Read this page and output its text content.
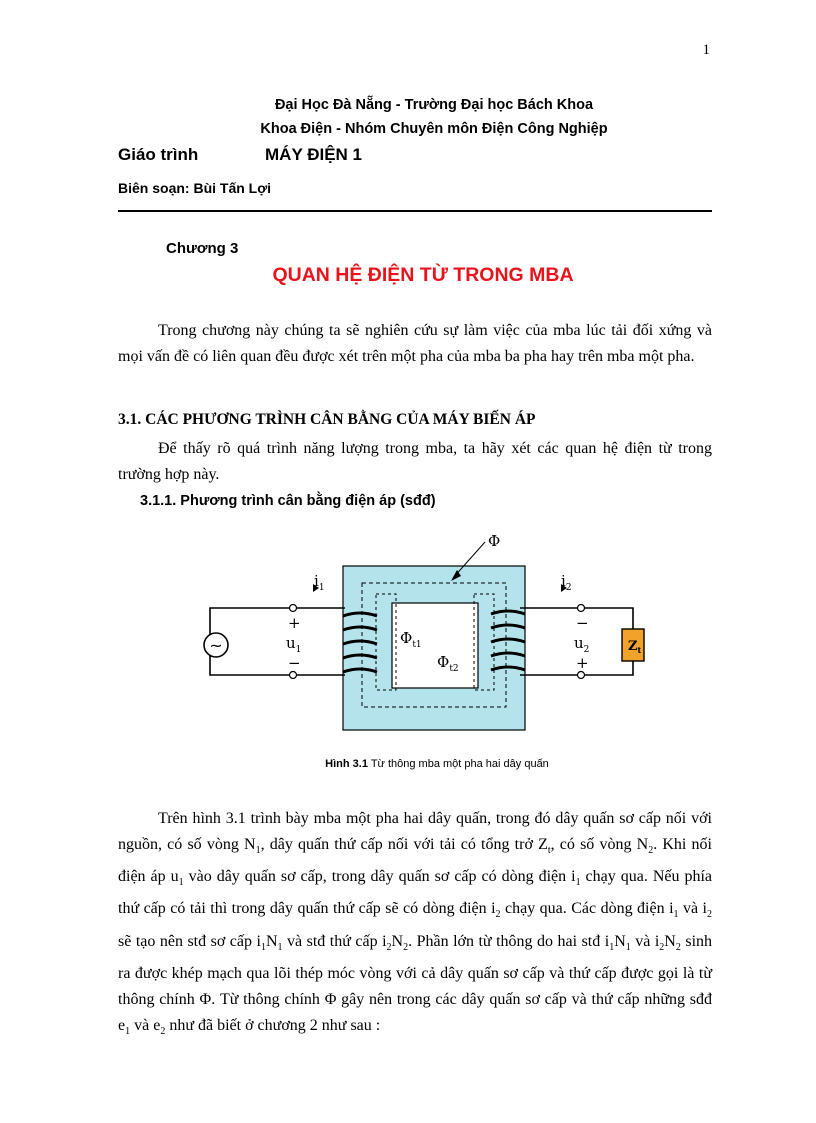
1
Đại Học Đà Nẵng - Trường Đại học Bách Khoa
Khoa Điện - Nhóm Chuyên môn Điện Công Nghiệp
Giáo trình	MÁY ĐIỆN 1
Biên soạn: Bùi Tấn Lợi
Chương 3
QUAN HỆ ĐIỆN TỪ TRONG MBA
Trong chương này chúng ta sẽ nghiên cứu sự làm việc của mba lúc tải đối xứng và mọi vấn đề có liên quan đều được xét trên một pha của mba ba pha hay trên mba một pha.
3.1. CÁC PHƯƠNG TRÌNH CÂN BẰNG CỦA MÁY BIẾN ÁP
Để thấy rõ quá trình năng lượng trong mba, ta hãy xét các quan hệ điện từ trong trường hợp này.
3.1.1. Phương trình cân bằng điện áp (sđđ)
~
Φ
$i_1$	$i_2$
+
$u_1$
−
−
$u_2$
+
$\Phi_{t1}$
$\Phi_{t2}$
$Z_t$
Hình 3.1 Từ thông mba một pha hai dây quấn
Trên hình 3.1 trình bày mba một pha hai dây quấn, trong đó dây quấn sơ cấp nối với nguồn, có số vòng $N_1$, dây quấn thứ cấp nối với tải có tổng trở $Z_t$, có số vòng $N_2$. Khi nối điện áp $u_1$ vào dây quấn sơ cấp, trong dây quấn sơ cấp có dòng điện $i_1$ chạy qua. Nếu phía thứ cấp có tải thì trong dây quấn thứ cấp sẽ có dòng điện $i_2$ chạy qua. Các dòng điện $i_1$ và $i_2$ sẽ tạo nên stđ sơ cấp $i_1N_1$ và stđ thứ cấp $i_2N_2$. Phần lớn từ thông do hai stđ $i_1N_1$ và $i_2N_2$ sinh ra được khép mạch qua lõi thép móc vòng với cả dây quấn sơ cấp và thứ cấp được gọi là từ thông chính Φ. Từ thông chính Φ gây nên trong các dây quấn sơ cấp và thứ cấp những sđđ $e_1$ và $e_2$ như đã biết ở chương 2 như sau :
